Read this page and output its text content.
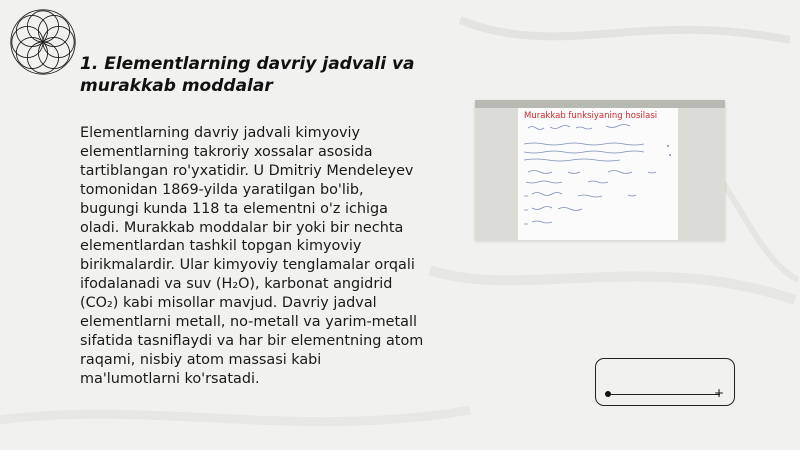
1. Elementlarning davriy jadvali va murakkab moddalar
Elementlarning davriy jadvali kimyoviy elementlarning takroriy xossalar asosida tartiblangan ro'yxatidir. U Dmitriy Mendeleyev tomonidan 1869-yilda yaratilgan bo'lib, bugungi kunda 118 ta elementni o'z ichiga oladi. Murakkab moddalar bir yoki bir nechta elementlardan tashkil topgan kimyoviy birikmalardir. Ular kimyoviy tenglamalar orqali ifodalanadi va suv (H₂O), karbonat angidrid (CO₂) kabi misollar mavjud. Davriy jadval elementlarni metall, no-metall va yarim-metall sifatida tasniflaydi va har bir elementning atom raqami, nisbiy atom massasi kabi ma'lumotlarni ko'rsatadi.
Murakkab funksiyaning hosilasi
+
